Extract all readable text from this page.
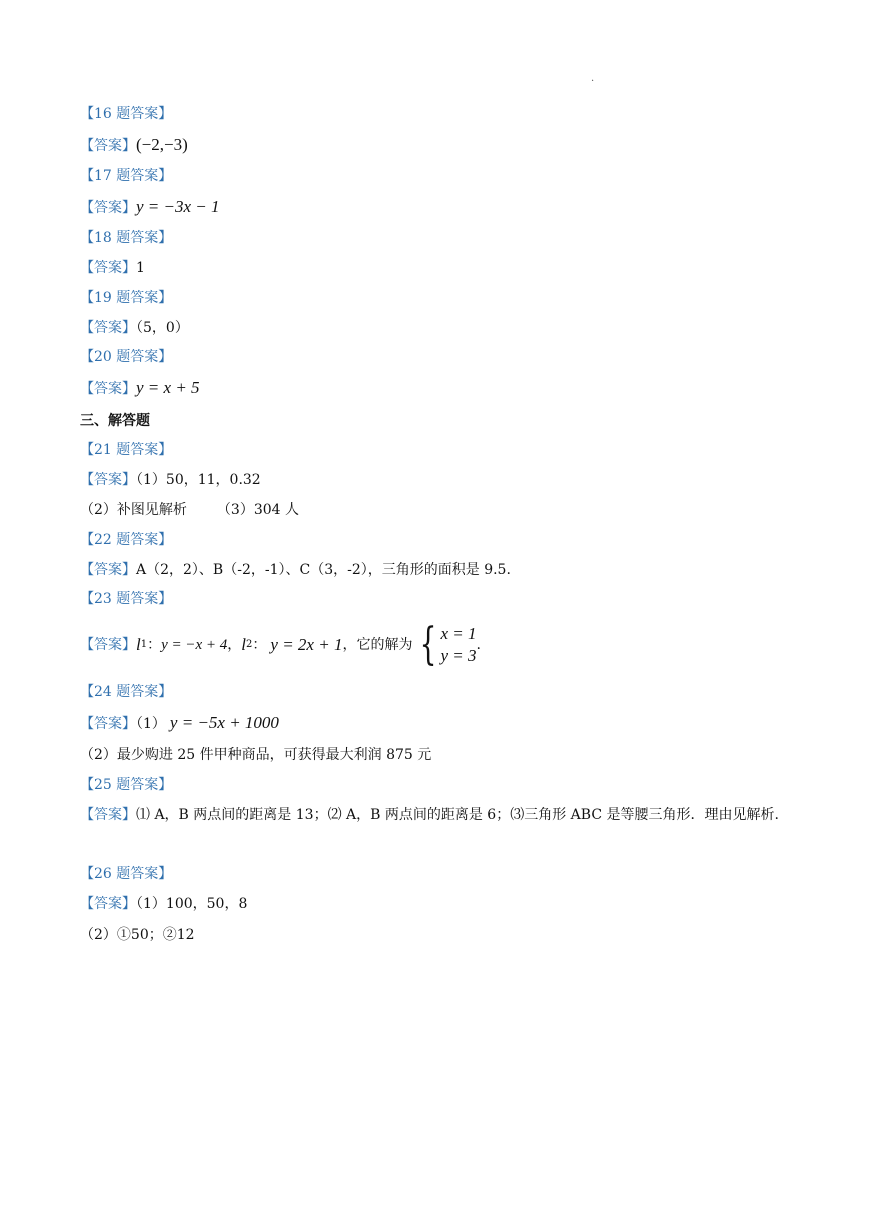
.
【16 题答案】
【答案】(−2,−3)
【17 题答案】
【答案】y = −3x − 1
【18 题答案】
【答案】1
【19 题答案】
【答案】（5，0）
【20 题答案】
【答案】y = x + 5
三、解答题
【21 题答案】
【答案】（1）50，11，0.32
（2）补图见解析 （3）304 人
【22 题答案】
【答案】A（2，2）、B（-2，-1）、C（3，-2），三角形的面积是 9.5.
【23 题答案】
【答案】 l 1 ： y = −x + 4 ， l 2 ： y = 2x + 1 ，它的解为 { x = 1
y = 3
.
【24 题答案】
【答案】（1） y = −5x + 1000
（2）最少购进 25 件甲种商品，可获得最大利润 875 元
【25 题答案】
【答案】⑴ A，B 两点间的距离是 13；⑵ A，B 两点间的距离是 6；⑶三角形 ABC 是等腰三角形．理由见解析.
【26 题答案】
【答案】（1）100，50，8
（2）①50；②12
